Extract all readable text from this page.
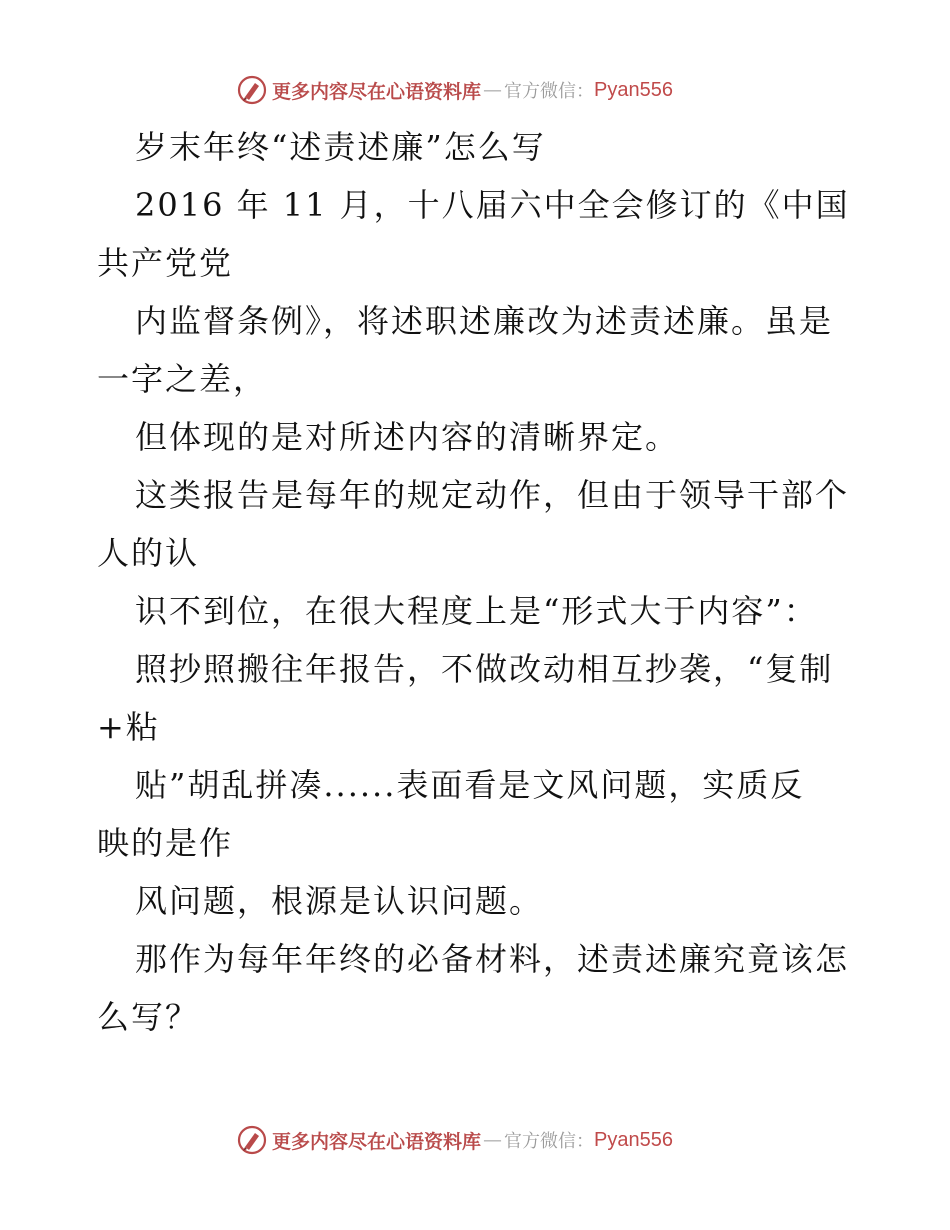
更多内容尽在心语资料库 — 官方微信： Pyan556
岁末年终“述责述廉”怎么写
2016 年 11 月，十八届六中全会修订的《中国
共产党党
内监督条例》，将述职述廉改为述责述廉。虽是
一字之差，
但体现的是对所述内容的清晰界定。
这类报告是每年的规定动作，但由于领导干部个
人的认
识不到位，在很大程度上是“形式大于内容”：
照抄照搬往年报告，不做改动相互抄袭，“复制
+粘
贴”胡乱拼凑......表面看是文风问题，实质反
映的是作
风问题，根源是认识问题。
那作为每年年终的必备材料，述责述廉究竟该怎
么写？
更多内容尽在心语资料库 — 官方微信： Pyan556
